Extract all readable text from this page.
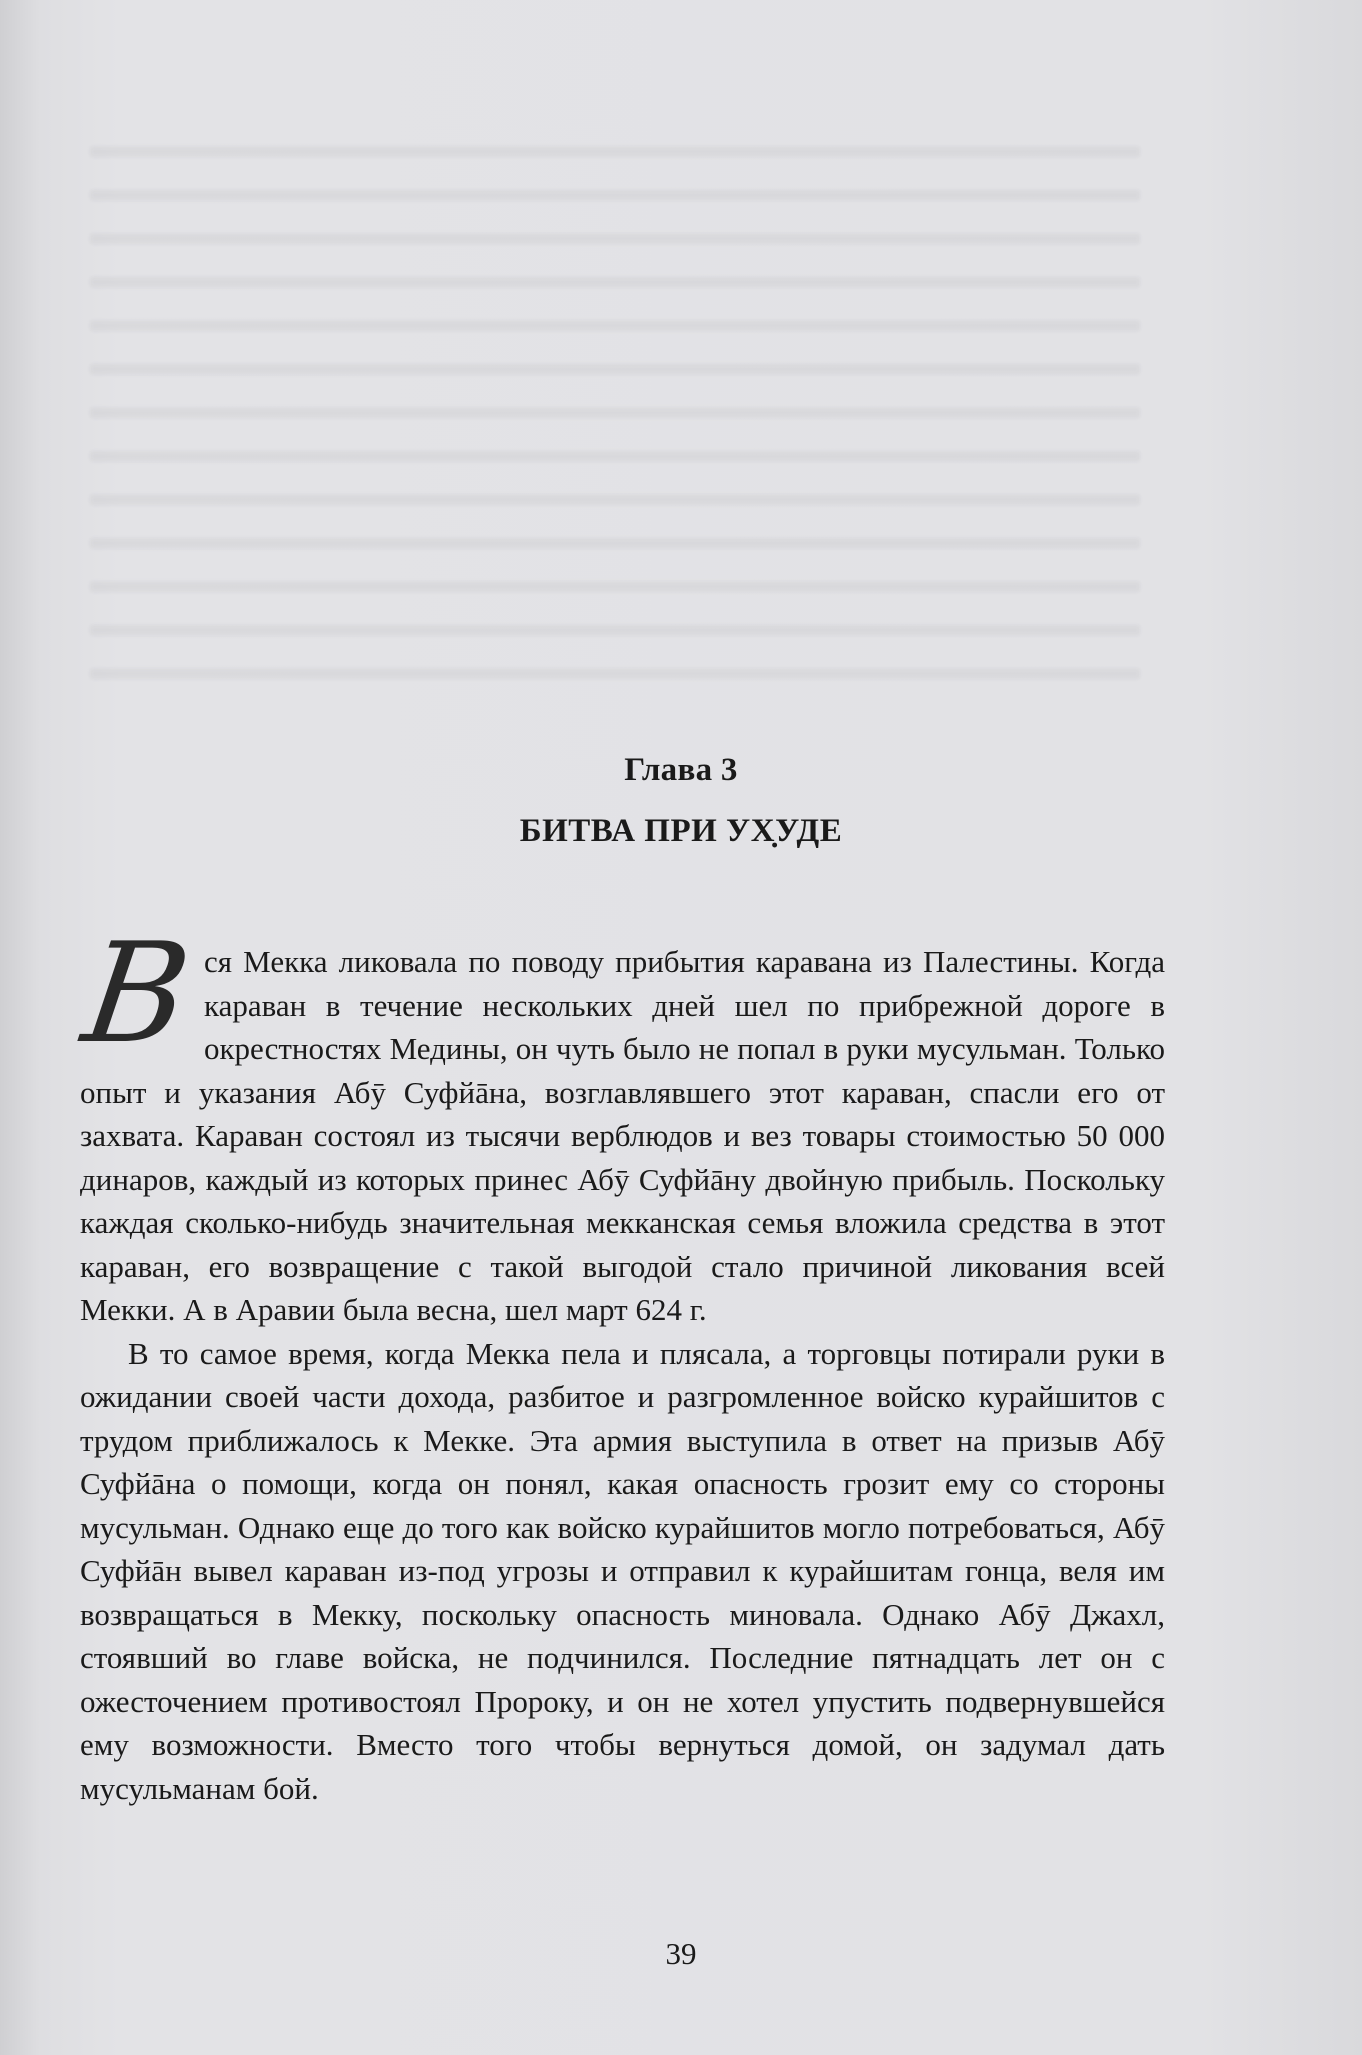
Глава 3
БИТВА ПРИ УХ̣УДЕ

Вся Мекка ликовала по поводу прибытия каравана из Палестины. Когда караван в течение нескольких дней шел по прибрежной дороге в окрестностях Медины, он чуть было не попал в руки мусульман. Только опыт и указания Абӯ Суфйāна, возглавлявшего этот караван, спасли его от захвата. Караван состоял из тысячи верблюдов и вез товары стоимостью 50 000 динаров, каждый из которых принес Абӯ Суфйāну двойную прибыль. Поскольку каждая сколько-нибудь значительная мекканская семья вложила средства в этот караван, его возвращение с такой выгодой стало причиной ликования всей Мекки. А в Аравии была весна, шел март 624 г.

В то самое время, когда Мекка пела и плясала, а торговцы потирали руки в ожидании своей части дохода, разбитое и разгромленное войско курайшитов с трудом приближалось к Мекке. Эта армия выступила в ответ на призыв Абӯ Суфйāна о помощи, когда он понял, какая опасность грозит ему со стороны мусульман. Однако еще до того как войско курайшитов могло потребоваться, Абӯ Суфйāн вывел караван из-под угрозы и отправил к курайшитам гонца, веля им возвращаться в Мекку, поскольку опасность миновала. Однако Абӯ Джахл, стоявший во главе войска, не подчинился. Последние пятнадцать лет он с ожесточением противостоял Пророку, и он не хотел упустить подвернувшейся ему возможности. Вместо того чтобы вернуться домой, он задумал дать мусульманам бой.

39
